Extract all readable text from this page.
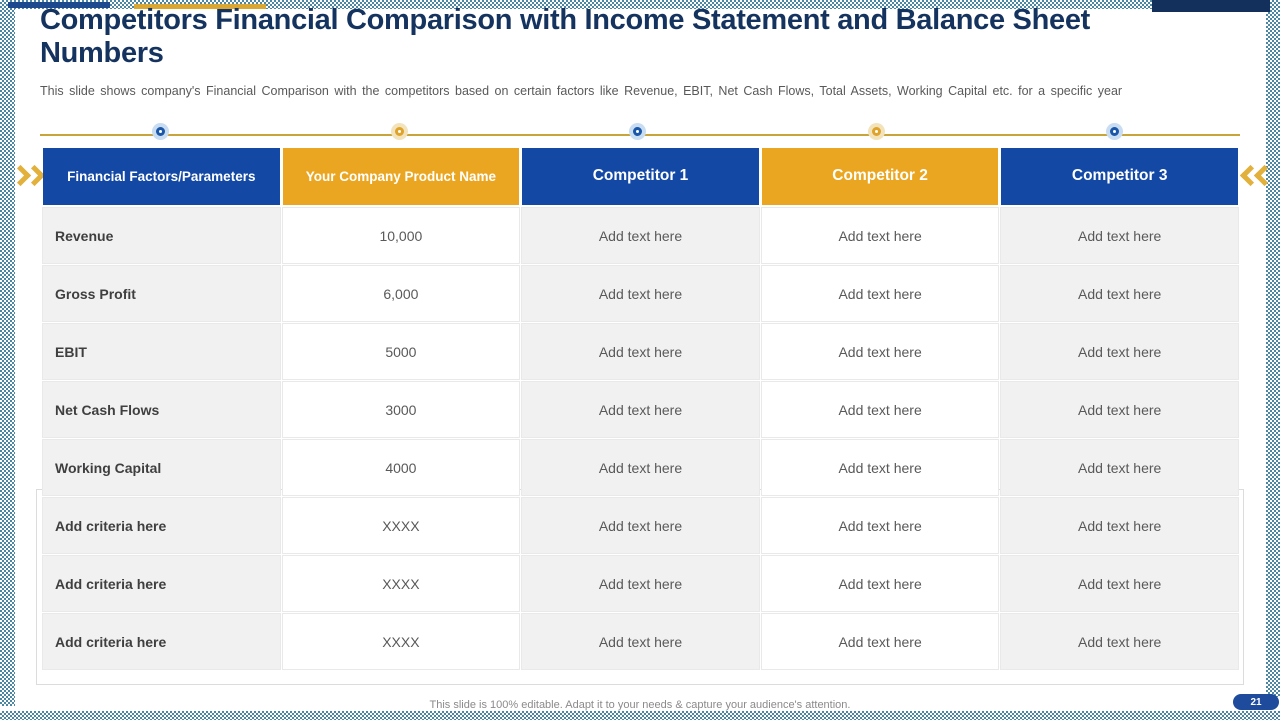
Competitors Financial Comparison with Income Statement and Balance Sheet Numbers

This slide shows company's Financial Comparison with the competitors based on certain factors like Revenue, EBIT, Net Cash Flows, Total Assets, Working Capital etc. for a specific year

Financial Factors/Parameters	Your Company Product Name	Competitor 1	Competitor 2	Competitor 3
Revenue	10,000	Add text here	Add text here	Add text here
Gross Profit	6,000	Add text here	Add text here	Add text here
EBIT	5000	Add text here	Add text here	Add text here
Net Cash Flows	3000	Add text here	Add text here	Add text here
Working Capital	4000	Add text here	Add text here	Add text here
Add criteria here	XXXX	Add text here	Add text here	Add text here
Add criteria here	XXXX	Add text here	Add text here	Add text here
Add criteria here	XXXX	Add text here	Add text here	Add text here
This slide is 100% editable. Adapt it to your needs & capture your audience's attention.	21
